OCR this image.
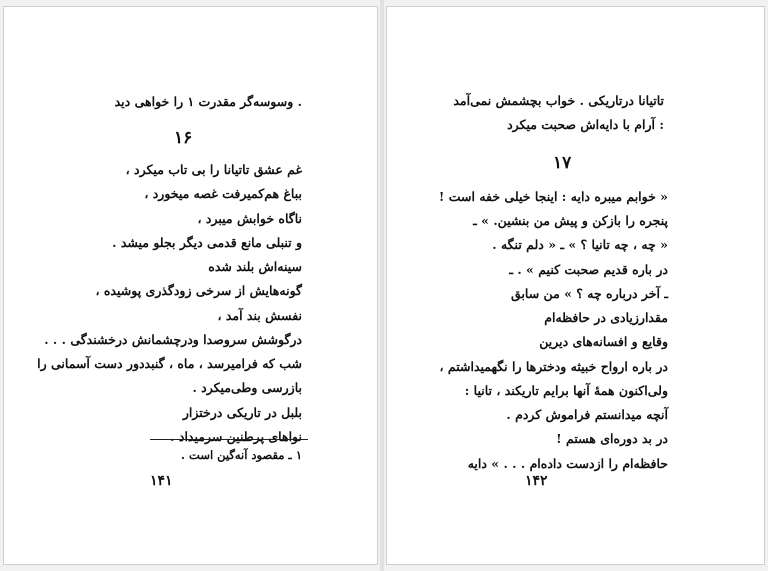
وسوسه‌گر مقدرت ۱ را خواهی دید .
۱۶
غم عشق تاتیانا را بی تاب میکرد ،
بباغ هم‌کمیرفت غصه میخورد ،
ناگاه خوابش میبرد ،
و تنبلی مانع قدمی دیگر بجلو میشد .
سینه‌اش بلند شده
گونه‌هایش از سرخی زودگذری پوشیده ،
نفسش بند آمد ،
درگوشش سروصدا ودرچشمانش درخشندگی . . .
شب که فرامیرسد ، ماه ، گنبددور دست آسمانی را
بازرسی وطی‌میکرد .
بلبل در تاریکی درختزار
نواهای پرطنین سرمیداد .
۱ ـ مقصود آنه‌گین است .
۱۴۱
تاتیانا درتاریکی . خواب بچشمش نمی‌آمد
آرام با دایه‌اش صحبت میکرد :
۱۷
« خوابم میبره دایه : اینجا خیلی خفه است !
پنجره را بازکن و پیش من بنشین. » ـ
« چه ، چه تانیا ؟ » ـ « دلم تنگه .
در باره قدیم صحبت کنیم » . ـ
ـ آخر درباره چه ؟ » من سابق
مقدارزیادی در حافظه‌ام
وقایع و افسانه‌های دیرین
در باره ارواح خبیثه ودخترها را نگهمیداشتم ،
ولی‌اکنون همهٔ آنها برایم تاریکند ، تانیا :
آنچه میدانستم فراموش کردم .
در بد دوره‌ای هستم !
حافظه‌ام را ازدست داده‌ام . . . » دایه
۱۴۲
